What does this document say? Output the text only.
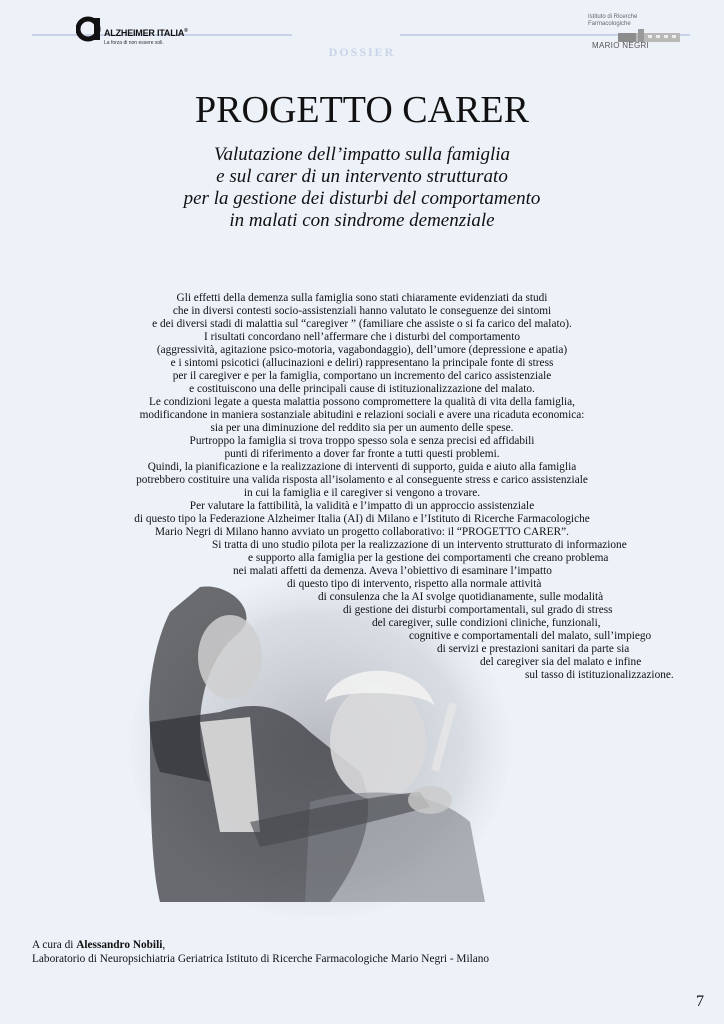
ALZHEIMER ITALIA®
La forza di non essere soli.
Istituto di Ricerche
Farmacologiche
MARIO NEGRI
DOSSIER
PROGETTO CARER
Valutazione dell’impatto sulla famiglia
e sul carer di un intervento strutturato
per la gestione dei disturbi del comportamento
in malati con sindrome demenziale
Gli effetti della demenza sulla famiglia sono stati chiaramente evidenziati da studi
che in diversi contesti socio-assistenziali hanno valutato le conseguenze dei sintomi
e dei diversi stadi di malattia sul “caregiver ” (familiare che assiste o si fa carico del malato).
I risultati concordano nell’affermare che i disturbi del comportamento
(aggressività, agitazione psico-motoria, vagabondaggio), dell’umore (depressione e apatia)
e i sintomi psicotici (allucinazioni e deliri) rappresentano la principale fonte di stress
per il caregiver e per la famiglia, comportano un incremento del carico assistenziale
e costituiscono una delle principali cause di istituzionalizzazione del malato.
Le condizioni legate a questa malattia possono compromettere la qualità di vita della famiglia,
modificandone in maniera sostanziale abitudini e relazioni sociali e avere una ricaduta economica:
sia per una diminuzione del reddito sia per un aumento delle spese.
Purtroppo la famiglia si trova troppo spesso sola e senza precisi ed affidabili
punti di riferimento a dover far fronte a tutti questi problemi.
Quindi, la pianificazione e la realizzazione di interventi di supporto, guida e aiuto alla famiglia
potrebbero costituire una valida risposta all’isolamento e al conseguente stress e carico assistenziale
in cui la famiglia e il caregiver si vengono a trovare.
Per valutare la fattibilità, la validità e l’impatto di un approccio assistenziale
di questo tipo la Federazione Alzheimer Italia (AI) di Milano e l’Istituto di Ricerche Farmacologiche
Mario Negri di Milano hanno avviato un progetto collaborativo: il “PROGETTO CARER”.
Si tratta di uno studio pilota per la realizzazione di un intervento strutturato di informazione
e supporto alla famiglia per la gestione dei comportamenti che creano problema
nei malati affetti da demenza. Aveva l’obiettivo di esaminare l’impatto
di questo tipo di intervento, rispetto alla normale attività
di consulenza che la AI svolge quotidianamente, sulle modalità
di gestione dei disturbi comportamentali, sul grado di stress
del caregiver, sulle condizioni cliniche, funzionali,
cognitive e comportamentali del malato, sull’impiego
di servizi e prestazioni sanitari da parte sia
del caregiver sia del malato e infine
sul tasso di istituzionalizzazione.
A cura di Alessandro Nobili,
Laboratorio di Neuropsichiatria Geriatrica Istituto di Ricerche Farmacologiche Mario Negri - Milano
7
